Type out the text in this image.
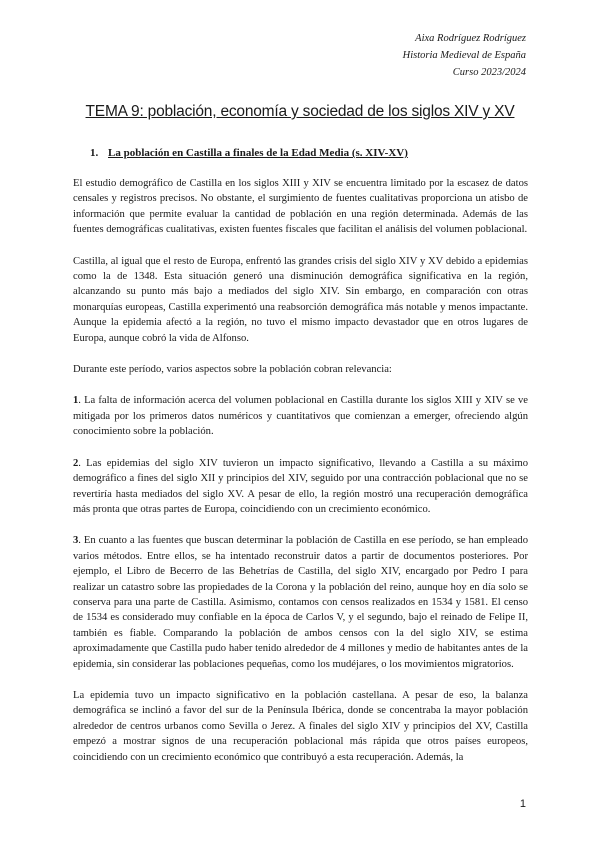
Aixa Rodríguez Rodríguez
Historia Medieval de España
Curso 2023/2024
TEMA 9: población, economía y sociedad de los siglos XIV y XV
1. La población en Castilla a finales de la Edad Media (s. XIV-XV)

El estudio demográfico de Castilla en los siglos XIII y XIV se encuentra limitado por la escasez de datos censales y registros precisos. No obstante, el surgimiento de fuentes cualitativas proporciona un atisbo de información que permite evaluar la cantidad de población en una región determinada. Además de las fuentes demográficas cualitativas, existen fuentes fiscales que facilitan el análisis del volumen poblacional.

Castilla, al igual que el resto de Europa, enfrentó las grandes crisis del siglo XIV y XV debido a epidemias como la de 1348. Esta situación generó una disminución demográfica significativa en la región, alcanzando su punto más bajo a mediados del siglo XIV. Sin embargo, en comparación con otras monarquías europeas, Castilla experimentó una reabsorción demográfica más notable y menos impactante. Aunque la epidemia afectó a la región, no tuvo el mismo impacto devastador que en otros lugares de Europa, aunque cobró la vida de Alfonso.

Durante este período, varios aspectos sobre la población cobran relevancia:

1. La falta de información acerca del volumen poblacional en Castilla durante los siglos XIII y XIV se ve mitigada por los primeros datos numéricos y cuantitativos que comienzan a emerger, ofreciendo algún conocimiento sobre la población.

2. Las epidemias del siglo XIV tuvieron un impacto significativo, llevando a Castilla a su máximo demográfico a fines del siglo XII y principios del XIV, seguido por una contracción poblacional que no se revertiría hasta mediados del siglo XV. A pesar de ello, la región mostró una recuperación demográfica más pronta que otras partes de Europa, coincidiendo con un crecimiento económico.

3. En cuanto a las fuentes que buscan determinar la población de Castilla en ese período, se han empleado varios métodos. Entre ellos, se ha intentado reconstruir datos a partir de documentos posteriores. Por ejemplo, el Libro de Becerro de las Behetrías de Castilla, del siglo XIV, encargado por Pedro I para realizar un catastro sobre las propiedades de la Corona y la población del reino, aunque hoy en día solo se conserva para una parte de Castilla. Asimismo, contamos con censos realizados en 1534 y 1581. El censo de 1534 es considerado muy confiable en la época de Carlos V, y el segundo, bajo el reinado de Felipe II, también es fiable. Comparando la población de ambos censos con la del siglo XIV, se estima aproximadamente que Castilla pudo haber tenido alrededor de 4 millones y medio de habitantes antes de la epidemia, sin considerar las poblaciones pequeñas, como los mudéjares, o los movimientos migratorios.

La epidemia tuvo un impacto significativo en la población castellana. A pesar de eso, la balanza demográfica se inclinó a favor del sur de la Península Ibérica, donde se concentraba la mayor población alrededor de centros urbanos como Sevilla o Jerez. A finales del siglo XIV y principios del XV, Castilla empezó a mostrar signos de una recuperación poblacional más rápida que otros países europeos, coincidiendo con un crecimiento económico que contribuyó a esta recuperación. Además, la

1
